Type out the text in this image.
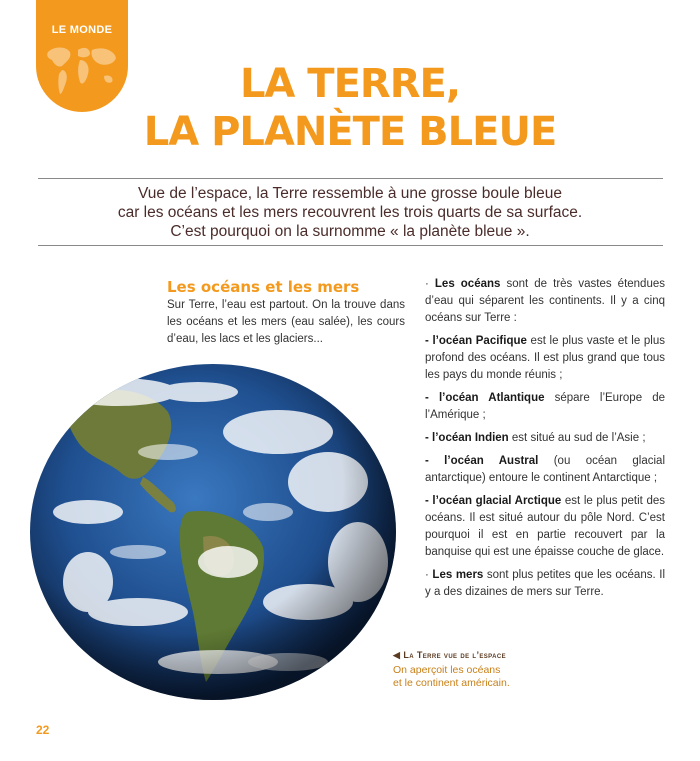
LE MONDE
LA TERRE,
LA PLANÈTE BLEUE
Vue de l’espace, la Terre ressemble à une grosse boule bleue
car les océans et les mers recouvrent les trois quarts de sa surface.
C’est pourquoi on la surnomme « la planète bleue ».
Les océans et les mers
Sur Terre, l’eau est partout. On la trouve dans les océans et les mers (eau salée), les cours d’eau, les lacs et les glaciers...

· Les océans sont de très vastes étendues d’eau qui séparent les continents. Il y a cinq océans sur Terre :

- l’océan Pacifique est le plus vaste et le plus profond des océans. Il est plus grand que tous les pays du monde réunis ;

- l’océan Atlantique sépare l’Europe de l’Amérique ;

- l’océan Indien est situé au sud de l’Asie ;

- l’océan Austral (ou océan glacial antarctique) entoure le continent Antarctique ;

- l’océan glacial Arctique est le plus petit des océans. Il est situé autour du pôle Nord. C’est pourquoi il est en partie recouvert par la banquise qui est une épaisse couche de glace.

· Les mers sont plus petites que les océans. Il y a des dizaines de mers sur Terre.

◀ La Terre vue de l’espace
On aperçoit les océans
et le continent américain.
22
